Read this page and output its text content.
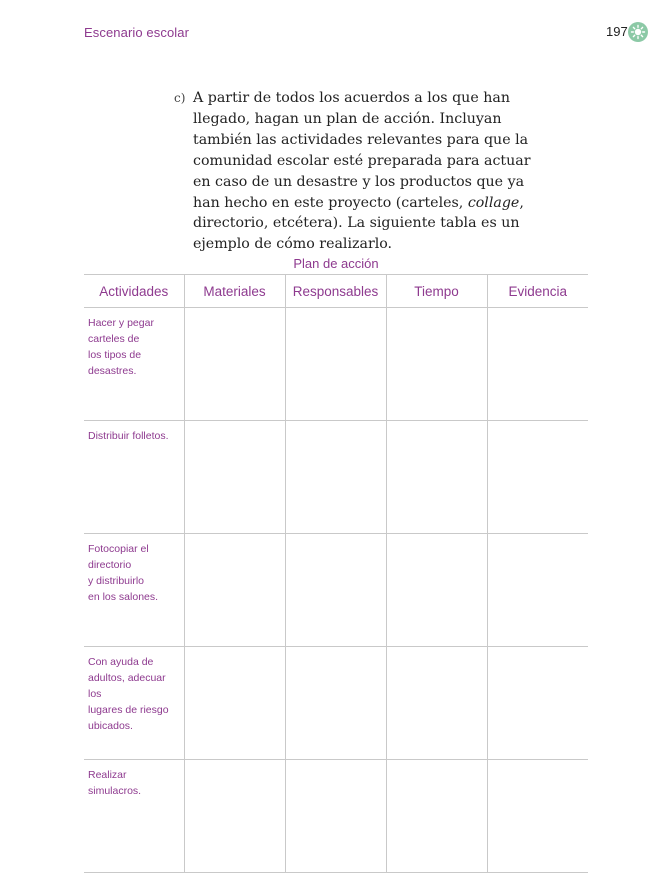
Escenario escolar	197
c) A partir de todos los acuerdos a los que han llegado, hagan un plan de acción. Incluyan también las actividades relevantes para que la comunidad escolar esté preparada para actuar en caso de un desastre y los productos que ya han hecho en este proyecto (carteles, collage, directorio, etcétera). La siguiente tabla es un ejemplo de cómo realizarlo.
Plan de acción
Actividades	Materiales	Responsables	Tiempo	Evidencia

Hacer y pegar
carteles de
los tipos de
desastres.				

Distribuir folletos.				

Fotocopiar el
directorio
y distribuirlo
en los salones.				

Con ayuda de
adultos, adecuar los
lugares de riesgo
ubicados.				

Realizar simulacros.				
